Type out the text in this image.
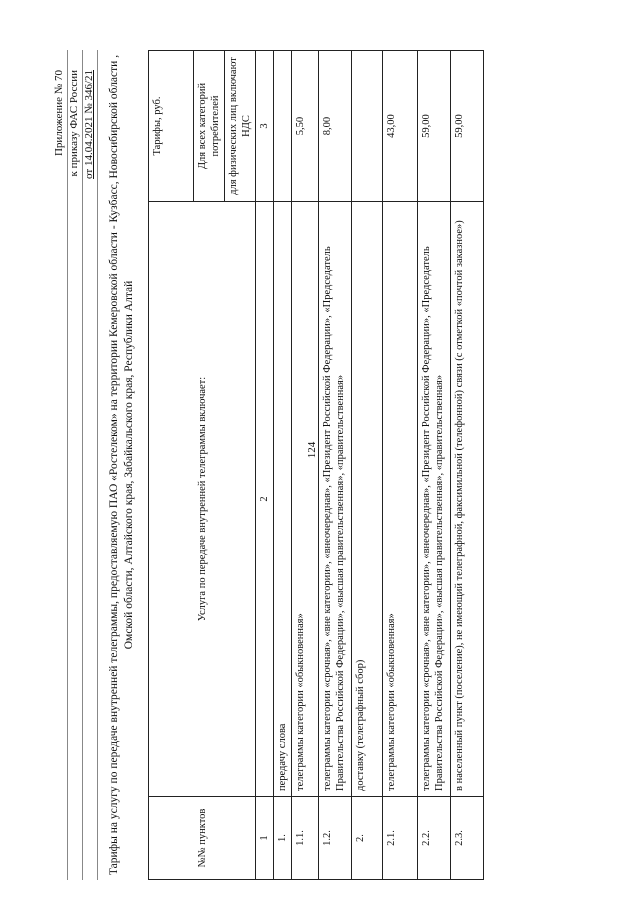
124
Приложение № 70 к приказу ФАС России от 14.04.2021 № 346/21 Тарифы на услугу по передаче внутренней телеграммы, предоставляемую ПАО «Ростелеком» на территории Кемеровской области - Кузбасс, Новосибирской области , Омской области, Алтайского края, Забайкальского края, Республики Алтай
№№ пунктов	Услуга по передаче внутренней телеграммы включает:	Тарифы, руб.
		Для всех категорий потребителей
		для физических лиц включают НДС
1	2	3
1.	передачу слова	
1.1.	телеграммы категории «обыкновенная»	5,50
1.2.	телеграммы категории «срочная», «вне категории», «внеочередная», «Президент Российской Федерации», «Председатель Правительства Российской Федерации», «высшая правительственная», «правительственная»	8,00
2.	доставку (телеграфный сбор)	
2.1.	телеграммы категории «обыкновенная»	43,00
2.2.	телеграммы категории «срочная», «вне категории», «внеочередная», «Президент Российской Федерации», «Председатель Правительства Российской Федерации», «высшая правительственная», «правительственная»	59,00
2.3.	в населенный пункт (поселение), не имеющий телеграфной, факсимильной (телефонной) связи (с отметкой «почтой заказное»)	59,00
